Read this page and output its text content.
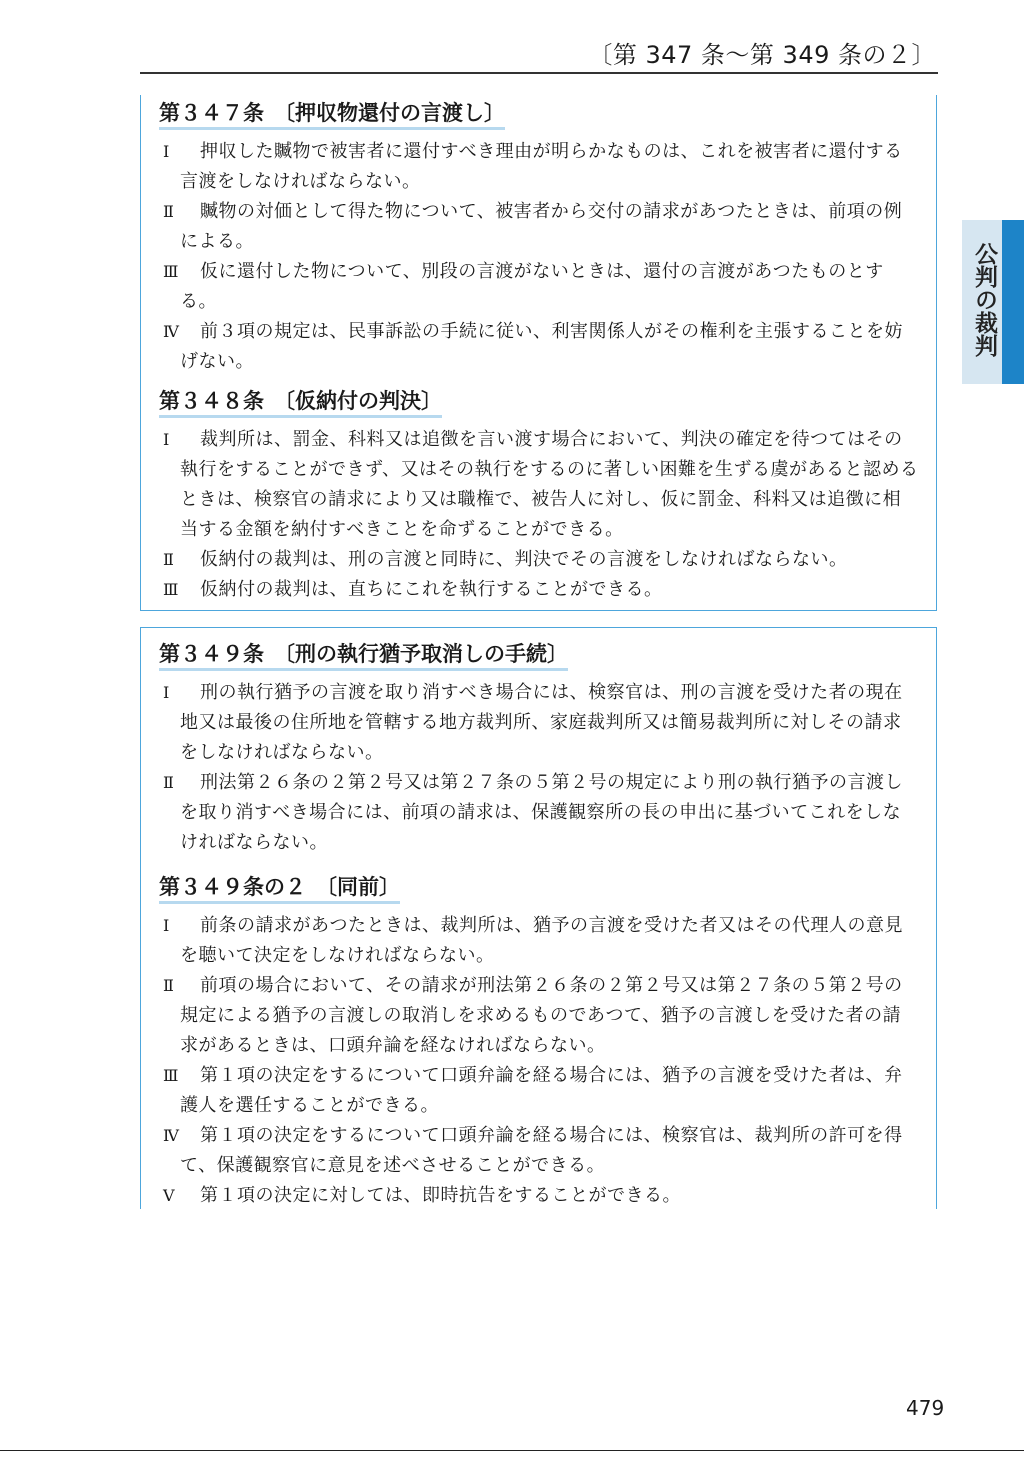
〔第 347 条〜第 349 条の２〕
公判の裁判
第３４７条 〔押収物還付の言渡し〕
Ⅰ	押収した贓物で被害者に還付すべき理由が明らかなものは、これを被害者に還付する言渡をしなければならない。
Ⅱ	贓物の対価として得た物について、被害者から交付の請求があつたときは、前項の例による。
Ⅲ	仮に還付した物について、別段の言渡がないときは、還付の言渡があつたものとする。
Ⅳ	前３項の規定は、民事訴訟の手続に従い、利害関係人がその権利を主張することを妨げない。
第３４８条 〔仮納付の判決〕
Ⅰ	裁判所は、罰金、科料又は追徴を言い渡す場合において、判決の確定を待つてはその執行をすることができず、又はその執行をするのに著しい困難を生ずる虞があると認めるときは、検察官の請求により又は職権で、被告人に対し、仮に罰金、科料又は追徴に相当する金額を納付すべきことを命ずることができる。
Ⅱ	仮納付の裁判は、刑の言渡と同時に、判決でその言渡をしなければならない。
Ⅲ	仮納付の裁判は、直ちにこれを執行することができる。
第３４９条 〔刑の執行猶予取消しの手続〕
Ⅰ	刑の執行猶予の言渡を取り消すべき場合には、検察官は、刑の言渡を受けた者の現在地又は最後の住所地を管轄する地方裁判所、家庭裁判所又は簡易裁判所に対しその請求をしなければならない。
Ⅱ	刑法第２６条の２第２号又は第２７条の５第２号の規定により刑の執行猶予の言渡しを取り消すべき場合には、前項の請求は、保護観察所の長の申出に基づいてこれをしなければならない。
第３４９条の２ 〔同前〕
Ⅰ	前条の請求があつたときは、裁判所は、猶予の言渡を受けた者又はその代理人の意見を聴いて決定をしなければならない。
Ⅱ	前項の場合において、その請求が刑法第２６条の２第２号又は第２７条の５第２号の規定による猶予の言渡しの取消しを求めるものであつて、猶予の言渡しを受けた者の請求があるときは、口頭弁論を経なければならない。
Ⅲ	第１項の決定をするについて口頭弁論を経る場合には、猶予の言渡を受けた者は、弁護人を選任することができる。
Ⅳ	第１項の決定をするについて口頭弁論を経る場合には、検察官は、裁判所の許可を得て、保護観察官に意見を述べさせることができる。
Ⅴ	第１項の決定に対しては、即時抗告をすることができる。
479
